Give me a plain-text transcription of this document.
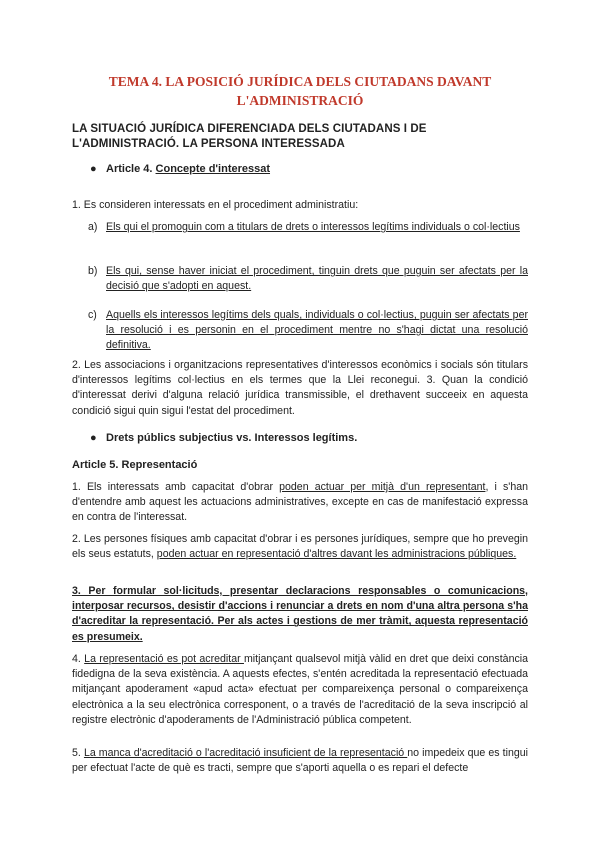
TEMA 4. LA POSICIÓ JURÍDICA DELS CIUTADANS DAVANT L'ADMINISTRACIÓ
LA SITUACIÓ JURÍDICA DIFERENCIADA DELS CIUTADANS I DE L'ADMINISTRACIÓ. LA PERSONA INTERESSADA
● Article 4. Concepte d'interessat
1. Es consideren interessats en el procediment administratiu:
a) Els qui el promoguin com a titulars de drets o interessos legítims individuals o col·lectius
b) Els qui, sense haver iniciat el procediment, tinguin drets que puguin ser afectats per la decisió que s'adopti en aquest.
c) Aquells els interessos legítims dels quals, individuals o col·lectius, puguin ser afectats per la resolució i es personin en el procediment mentre no s'hagi dictat una resolució definitiva.
2. Les associacions i organitzacions representatives d'interessos econòmics i socials són titulars d'interessos legítims col·lectius en els termes que la Llei reconegui. 3. Quan la condició d'interessat derivi d'alguna relació jurídica transmissible, el drethavent succeeix en aquesta condició sigui quin sigui l'estat del procediment.
● Drets públics subjectius vs. Interessos legítims.
Article 5. Representació
1. Els interessats amb capacitat d'obrar poden actuar per mitjà d'un representant, i s'han d'entendre amb aquest les actuacions administratives, excepte en cas de manifestació expressa en contra de l'interessat.
2. Les persones físiques amb capacitat d'obrar i es persones jurídiques, sempre que ho prevegin els seus estatuts, poden actuar en representació d'altres davant les administracions públiques.
3. Per formular sol·licituds, presentar declaracions responsables o comunicacions, interposar recursos, desistir d'accions i renunciar a drets en nom d'una altra persona s'ha d'acreditar la representació. Per als actes i gestions de mer tràmit, aquesta representació es presumeix.
4. La representació es pot acreditar mitjançant qualsevol mitjà vàlid en dret que deixi constància fidedigna de la seva existència. A aquests efectes, s'entén acreditada la representació efectuada mitjançant apoderament «apud acta» efectuat per compareixença personal o compareixença electrònica a la seu electrònica corresponent, o a través de l'acreditació de la seva inscripció al registre electrònic d'apoderaments de l'Administració pública competent.
5. La manca d'acreditació o l'acreditació insuficient de la representació no impedeix que es tingui per efectuat l'acte de què es tracti, sempre que s'aporti aquella o es repari el defecte
